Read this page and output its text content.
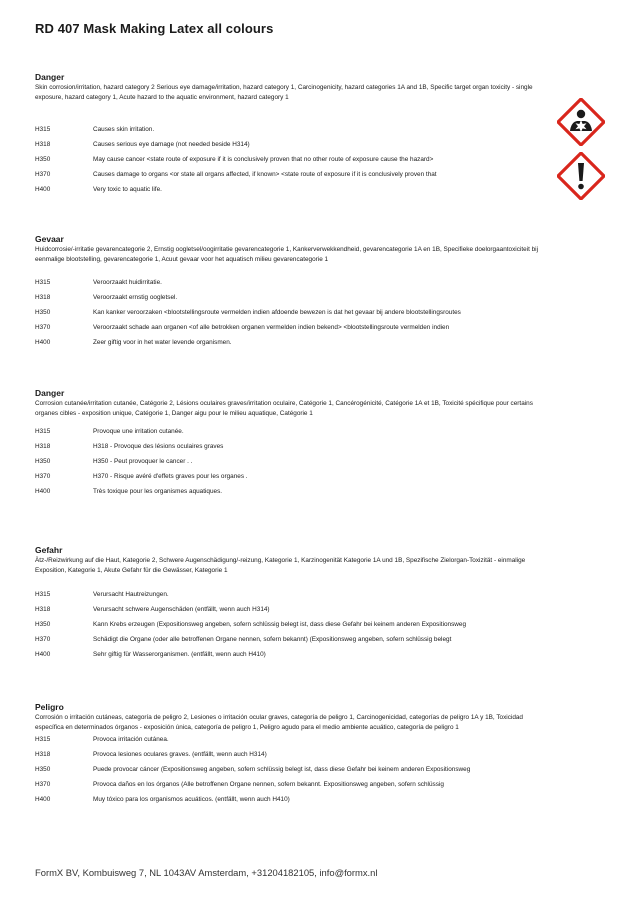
RD 407 Mask Making Latex all colours
Danger
Skin corrosion/irritation, hazard category 2 Serious eye damage/irritation, hazard category 1, Carcinogenicity, hazard categories 1A and 1B, Specific target organ toxicity - single exposure, hazard category 1, Acute hazard to the aquatic environment, hazard category 1
H315	Causes skin irritation.
H318	Causes serious eye damage (not needed beside H314)
H350	May cause cancer <state route of exposure if it is conclusively proven that no other route of exposure cause the hazard>
H370	Causes damage to organs <or state all organs affected, if known> <state route of exposure if it is conclusively proven that
H400	Very toxic to aquatic life.
Gevaar
Huidcorrosie/-irritatie gevarencategorie 2, Ernstig oogletsel/oogirritatie gevarencategorie 1, Kankerverwekkendheid, gevarencategorie 1A en 1B, Specifieke doelorgaantoxiciteit bij eenmalige blootstelling, gevarencategorie 1, Acuut gevaar voor het aquatisch milieu gevarencategorie 1
H315	Veroorzaakt huidirritatie.
H318	Veroorzaakt ernstig oogletsel.
H350	Kan kanker veroorzaken <blootstellingsroute vermelden indien afdoende bewezen is dat het gevaar bij andere blootstellingsroutes
H370	Veroorzaakt schade aan organen <of alle betrokken organen vermelden indien bekend> <blootstellingsroute vermelden indien
H400	Zeer giftig voor in het water levende organismen.
Danger
Corrosion cutanée/irritation cutanée, Catégorie 2, Lésions oculaires graves/irritation oculaire, Catégorie 1, Cancérogénicité, Catégorie 1A et 1B, Toxicité spécifique pour certains organes cibles - exposition unique, Catégorie 1, Danger aigu pour le milieu aquatique, Catégorie 1
H315	Provoque une irritation cutanée.
H318	H318 - Provoque des lésions oculaires graves
H350	H350 - Peut provoquer le cancer . .
H370	H370 - Risque avéré d'effets graves pour les organes .
H400	Très toxique pour les organismes aquatiques.
Gefahr
Ätz-/Reizwirkung auf die Haut, Kategorie 2, Schwere Augenschädigung/-reizung, Kategorie 1, Karzinogenität Kategorie 1A und 1B, Spezifische Zielorgan-Toxizität - einmalige Exposition, Kategorie 1, Akute Gefahr für die Gewässer, Kategorie 1
H315	Verursacht Hautreizungen.
H318	Verursacht schwere Augenschäden (entfällt, wenn auch H314)
H350	Kann Krebs erzeugen (Expositionsweg angeben, sofern schlüssig belegt ist, dass diese Gefahr bei keinem anderen Expositionsweg
H370	Schädigt die Organe (oder alle betroffenen Organe nennen, sofern bekannt) (Expositionsweg angeben, sofern schlüssig belegt
H400	Sehr giftig für Wasserorganismen. (entfällt, wenn auch H410)
Peligro
Corrosión o irritación cutáneas, categoría de peligro 2, Lesiones o irritación ocular graves, categoría de peligro 1, Carcinogenicidad, categorías de peligro 1A y 1B, Toxicidad específica en determinados órganos - exposición única, categoría de peligro 1, Peligro agudo para el medio ambiente acuático, categoría de peligro 1
H315	Provoca irritación cutánea.
H318	Provoca lesiones oculares graves. (entfällt, wenn auch H314)
H350	Puede provocar cáncer (Expositionsweg angeben, sofern schlüssig belegt ist, dass diese Gefahr bei keinem anderen Expositionsweg
H370	Provoca daños en los órganos (Alle betroffenen Organe nennen, sofern bekannt. Expositionsweg angeben, sofern schlüssig
H400	Muy tóxico para los organismos acuáticos. (entfällt, wenn auch H410)
FormX BV, Kombuisweg 7, NL 1043AV Amsterdam, +31204182105, info@formx.nl
